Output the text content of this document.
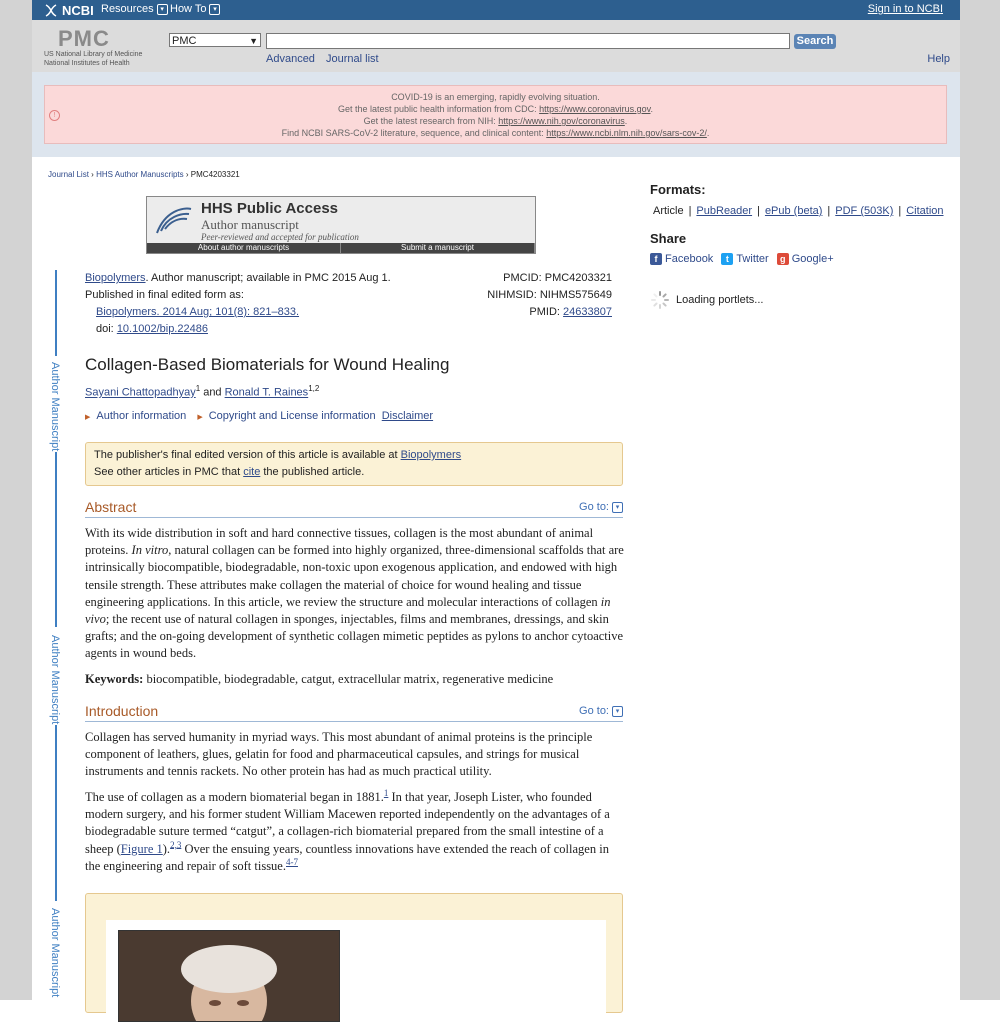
NCBI Resources ▾ How To ▾	Sign in to NCBI
PMC
US National Library of Medicine
National Institutes of Health
PMC	▼	Search
Advanced Journal list	Help
!
COVID-19 is an emerging, rapidly evolving situation.
Get the latest public health information from CDC: https://www.coronavirus.gov.
Get the latest research from NIH: https://www.nih.gov/coronavirus.
Find NCBI SARS-CoV-2 literature, sequence, and clinical content: https://www.ncbi.nlm.nih.gov/sars-cov-2/.
Journal List › HHS Author Manuscripts › PMC4203321
HHS Public Access
Author manuscript
Peer-reviewed and accepted for publication
About author manuscripts	Submit a manuscript
Author Manuscript
Author Manuscript
Author Manuscript
Biopolymers. Author manuscript; available in PMC 2015 Aug 1.
Published in final edited form as:
Biopolymers. 2014 Aug; 101(8): 821–833.
doi: 10.1002/bip.22486
PMCID: PMC4203321
NIHMSID: NIHMS575649
PMID: 24633807
Collagen-Based Biomaterials for Wound Healing
Sayani Chattopadhyay$^1$ and Ronald T. Raines$^{1,2}$
▶ Author information ▶ Copyright and License information Disclaimer
The publisher's final edited version of this article is available at Biopolymers
See other articles in PMC that cite the published article.
Abstract	Go to: ▾
With its wide distribution in soft and hard connective tissues, collagen is the most abundant of animal proteins. In vitro, natural collagen can be formed into highly organized, three-dimensional scaffolds that are intrinsically biocompatible, biodegradable, non-toxic upon exogenous application, and endowed with high tensile strength. These attributes make collagen the material of choice for wound healing and tissue engineering applications. In this article, we review the structure and molecular interactions of collagen in vivo; the recent use of natural collagen in sponges, injectables, films and membranes, dressings, and skin grafts; and the on-going development of synthetic collagen mimetic peptides as pylons to anchor cytoactive agents in wound beds.
Keywords: biocompatible, biodegradable, catgut, extracellular matrix, regenerative medicine
Introduction	Go to: ▾
Collagen has served humanity in myriad ways. This most abundant of animal proteins is the principle component of leathers, glues, gelatin for food and pharmaceutical capsules, and strings for musical instruments and tennis rackets. No other protein has had as much practical utility.
The use of collagen as a modern biomaterial began in 1881.$^1$ In that year, Joseph Lister, who founded modern surgery, and his former student William Macewen reported independently on the advantages of a biodegradable suture termed “catgut”, a collagen-rich biomaterial prepared from the small intestine of a sheep (Figure 1).$^{2,3}$ Over the ensuing years, countless innovations have extended the reach of collagen in the engineering and repair of soft tissue.$^{4-7}$
Formats:
Article | PubReader | ePub (beta) | PDF (503K) | Citation
Share
f Facebook	t Twitter	g Google+
Loading portlets...
